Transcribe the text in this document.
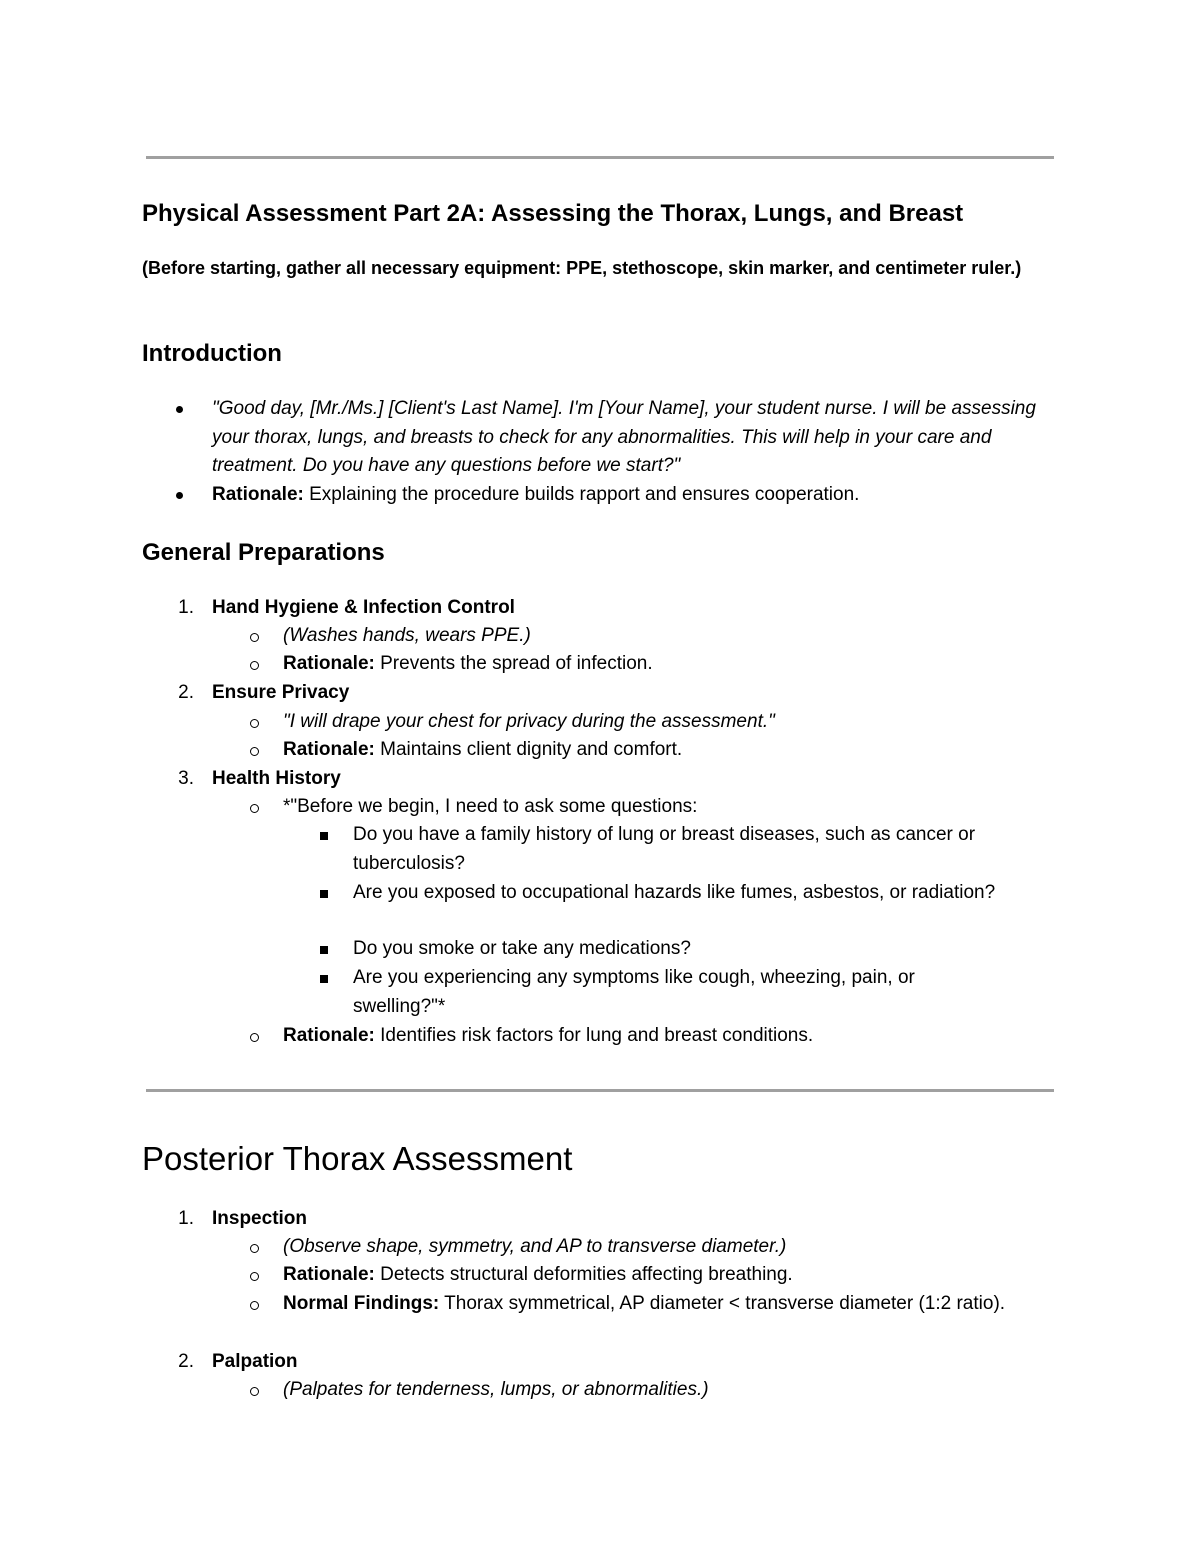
Physical Assessment Part 2A: Assessing the Thorax, Lungs, and Breast
(Before starting, gather all necessary equipment: PPE, stethoscope, skin marker, and centimeter ruler.)
Introduction
"Good day, [Mr./Ms.] [Client's Last Name]. I'm [Your Name], your student nurse. I will be assessing your thorax, lungs, and breasts to check for any abnormalities. This will help in your care and treatment. Do you have any questions before we start?"
Rationale: Explaining the procedure builds rapport and ensures cooperation.
General Preparations
1. Hand Hygiene & Infection Control
(Washes hands, wears PPE.)
Rationale: Prevents the spread of infection.
2. Ensure Privacy
"I will drape your chest for privacy during the assessment."
Rationale: Maintains client dignity and comfort.
3. Health History
*"Before we begin, I need to ask some questions:
Do you have a family history of lung or breast diseases, such as cancer or tuberculosis?
Are you exposed to occupational hazards like fumes, asbestos, or radiation?
Do you smoke or take any medications?
Are you experiencing any symptoms like cough, wheezing, pain, or swelling?"*
Rationale: Identifies risk factors for lung and breast conditions.
Posterior Thorax Assessment
1. Inspection
(Observe shape, symmetry, and AP to transverse diameter.)
Rationale: Detects structural deformities affecting breathing.
Normal Findings: Thorax symmetrical, AP diameter < transverse diameter (1:2 ratio).
2. Palpation
(Palpates for tenderness, lumps, or abnormalities.)
